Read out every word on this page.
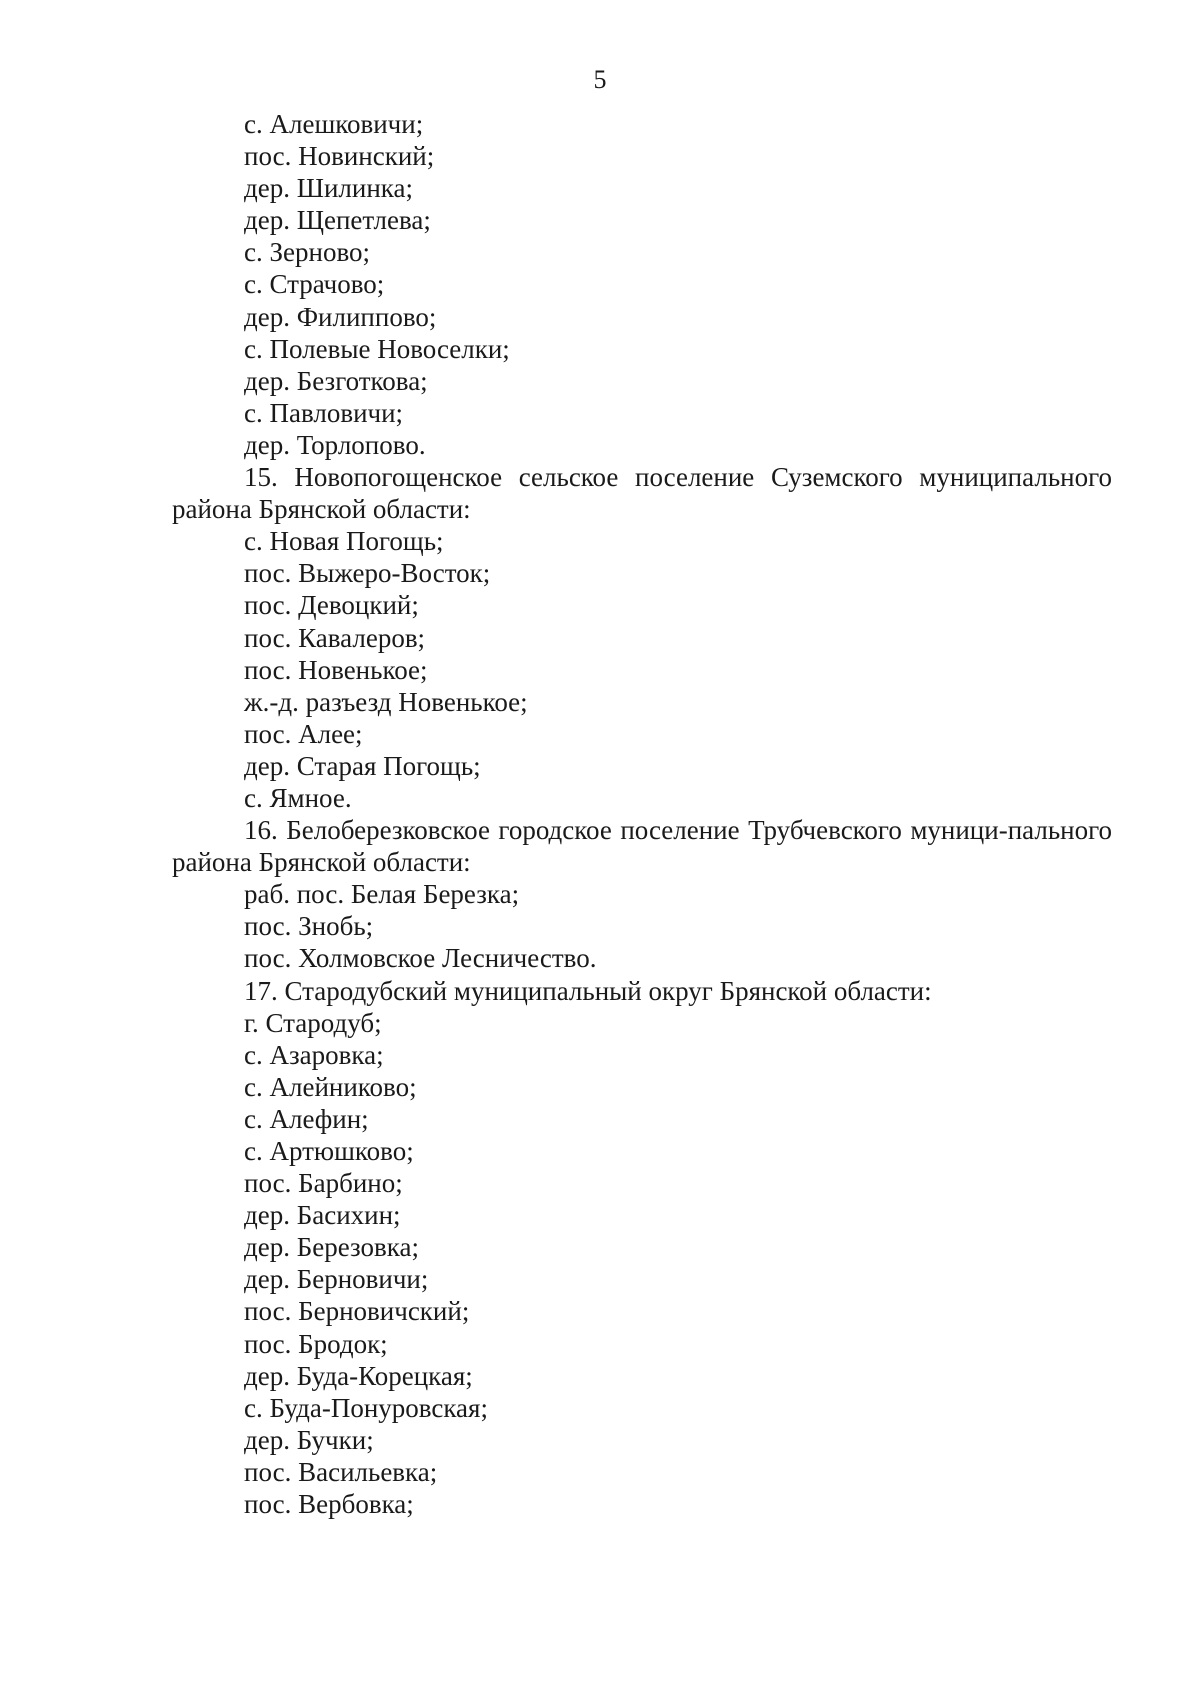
5
с. Алешковичи;
пос. Новинский;
дер. Шилинка;
дер. Щепетлева;
с. Зерново;
с. Страчово;
дер. Филиппово;
с. Полевые Новоселки;
дер. Безготкова;
с. Павловичи;
дер. Торлопово.
15. Новопогощенское сельское поселение Суземского муниципального района Брянской области:
с. Новая Погощь;
пос. Выжеро-Восток;
пос. Девоцкий;
пос. Кавалеров;
пос. Новенькое;
ж.-д. разъезд Новенькое;
пос. Алее;
дер. Старая Погощь;
с. Ямное.
16. Белоберезковское городское поселение Трубчевского муници-пального района Брянской области:
раб. пос. Белая Березка;
пос. Знобь;
пос. Холмовское Лесничество.
17. Стародубский муниципальный округ Брянской области:
г. Стародуб;
с. Азаровка;
с. Алейниково;
с. Алефин;
с. Артюшково;
пос. Барбино;
дер. Басихин;
дер. Березовка;
дер. Берновичи;
пос. Берновичский;
пос. Бродок;
дер. Буда-Корецкая;
с. Буда-Понуровская;
дер. Бучки;
пос. Васильевка;
пос. Вербовка;
